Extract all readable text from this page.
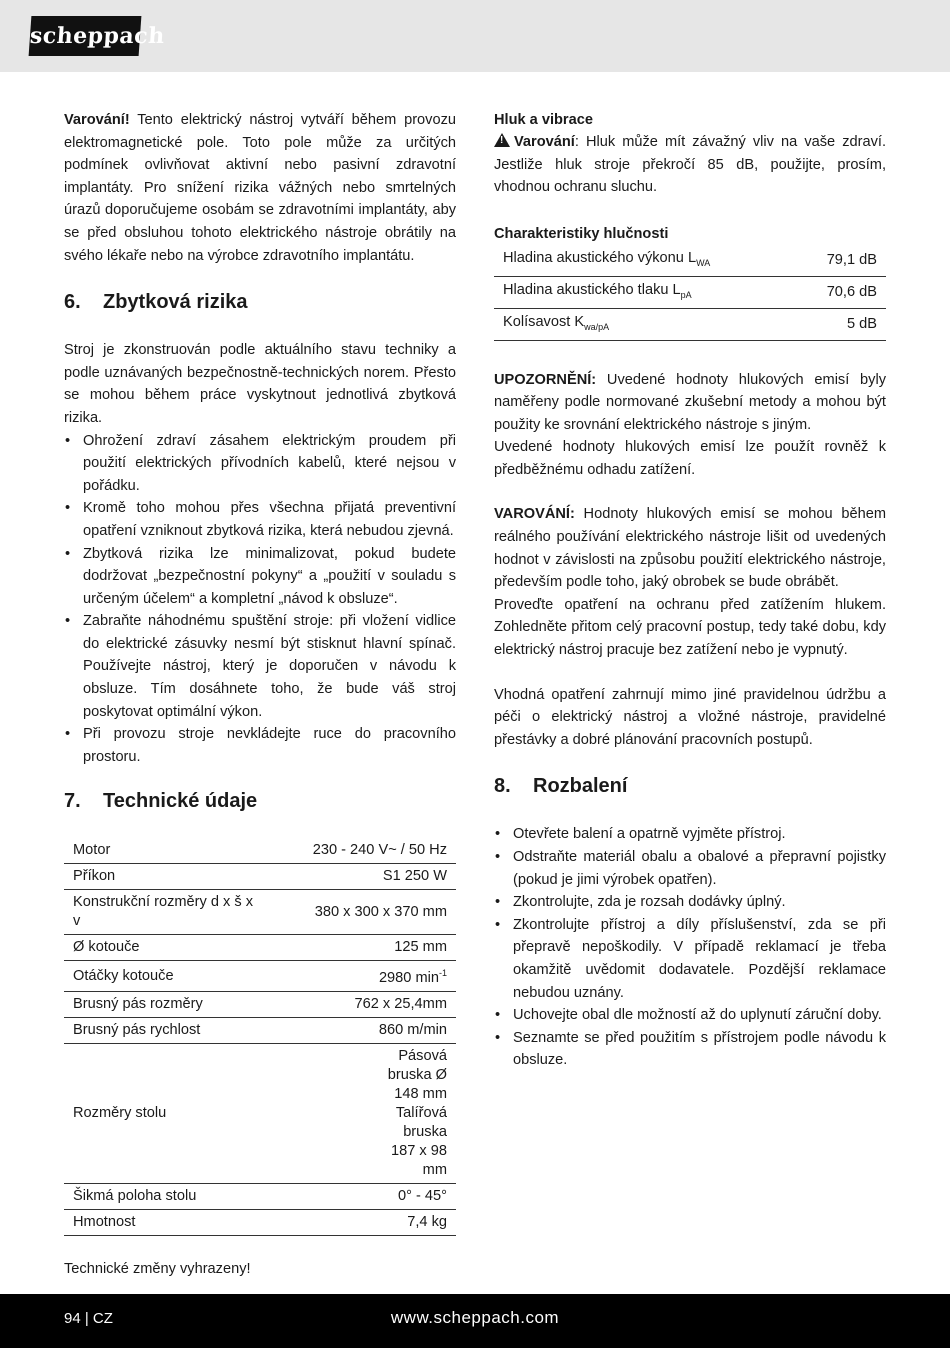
scheppach

Varování! Tento elektrický nástroj vytváří během provozu elektromagnetické pole. Toto pole může za určitých podmínek ovlivňovat aktivní nebo pasivní zdravotní implantáty. Pro snížení rizika vážných nebo smrtelných úrazů doporučujeme osobám se zdravotními implantáty, aby se před obsluhou tohoto elektrického nástroje obrátily na svého lékaře nebo na výrobce zdravotního implantátu.

6. Zbytková rizika

Stroj je zkonstruován podle aktuálního stavu techniky a podle uznávaných bezpečnostně-technických norem. Přesto se mohou během práce vyskytnout jednotlivá zbytková rizika.

• Ohrožení zdraví zásahem elektrickým proudem při použití elektrických přívodních kabelů, které nejsou v pořádku.
• Kromě toho mohou přes všechna přijatá preventivní opatření vzniknout zbytková rizika, která nebudou zjevná.
• Zbytková rizika lze minimalizovat, pokud budete dodržovat „bezpečnostní pokyny“ a „použití v souladu s určeným účelem“ a kompletní „návod k obsluze“.
• Zabraňte náhodnému spuštění stroje: při vložení vidlice do elektrické zásuvky nesmí být stisknut hlavní spínač. Používejte nástroj, který je doporučen v návodu k obsluze. Tím dosáhnete toho, že bude váš stroj poskytovat optimální výkon.
• Při provozu stroje nevkládejte ruce do pracovního prostoru.
7. Technické údaje
Motor	230 - 240 V~ / 50 Hz
Příkon	S1 250 W
Konstrukční rozměry d x š x v	380 x 300 x 370 mm
Ø kotouče	125 mm
Otáčky kotouče	2980 $\min^{-1}$
Brusný pás rozměry	762 x 25,4mm
Brusný pás rychlost	860 m/min
Rozměry stolu	Pásová bruska Ø 148 mm Talířová bruska 187 x 98 mm
Šikmá poloha stolu	0° - 45°
Hmotnost	7,4 kg

Technické změny vyhrazeny!

Hluk a vibrace

!Varování: Hluk může mít závažný vliv na vaše zdraví. Jestliže hluk stroje překročí 85 dB, použijte, prosím, vhodnou ochranu sluchu.

Charakteristiky hlučnosti
Hladina akustického výkonu $L_{WA}$	79,1 dB
Hladina akustického tlaku $L_{pA}$	70,6 dB
Kolísavost $K_{wa/pA}$	5 dB

UPOZORNĚNÍ: Uvedené hodnoty hlukových emisí byly naměřeny podle normované zkušební metody a mohou být použity ke srovnání elektrického nástroje s jiným.

Uvedené hodnoty hlukových emisí lze použít rovněž k předběžnému odhadu zatížení.

VAROVÁNÍ: Hodnoty hlukových emisí se mohou během reálného používání elektrického nástroje lišit od uvedených hodnot v závislosti na způsobu použití elektrického nástroje, především podle toho, jaký obrobek se bude obrábět.

Proveďte opatření na ochranu před zatížením hlukem. Zohledněte přitom celý pracovní postup, tedy také dobu, kdy elektrický nástroj pracuje bez zatížení nebo je vypnutý.

Vhodná opatření zahrnují mimo jiné pravidelnou údržbu a péči o elektrický nástroj a vložné nástroje, pravidelné přestávky a dobré plánování pracovních postupů.

8. Rozbalení
• Otevřete balení a opatrně vyjměte přístroj.
• Odstraňte materiál obalu a obalové a přepravní pojistky (pokud je jimi výrobek opatřen).
• Zkontrolujte, zda je rozsah dodávky úplný.
• Zkontrolujte přístroj a díly příslušenství, zda se při přepravě nepoškodily. V případě reklamací je třeba okamžitě uvědomit dodavatele. Pozdější reklamace nebudou uznány.
• Uchovejte obal dle možností až do uplynutí záruční doby.
• Seznamte se před použitím s přístrojem podle návodu k obsluze.
94 | CZ	www.scheppach.com
